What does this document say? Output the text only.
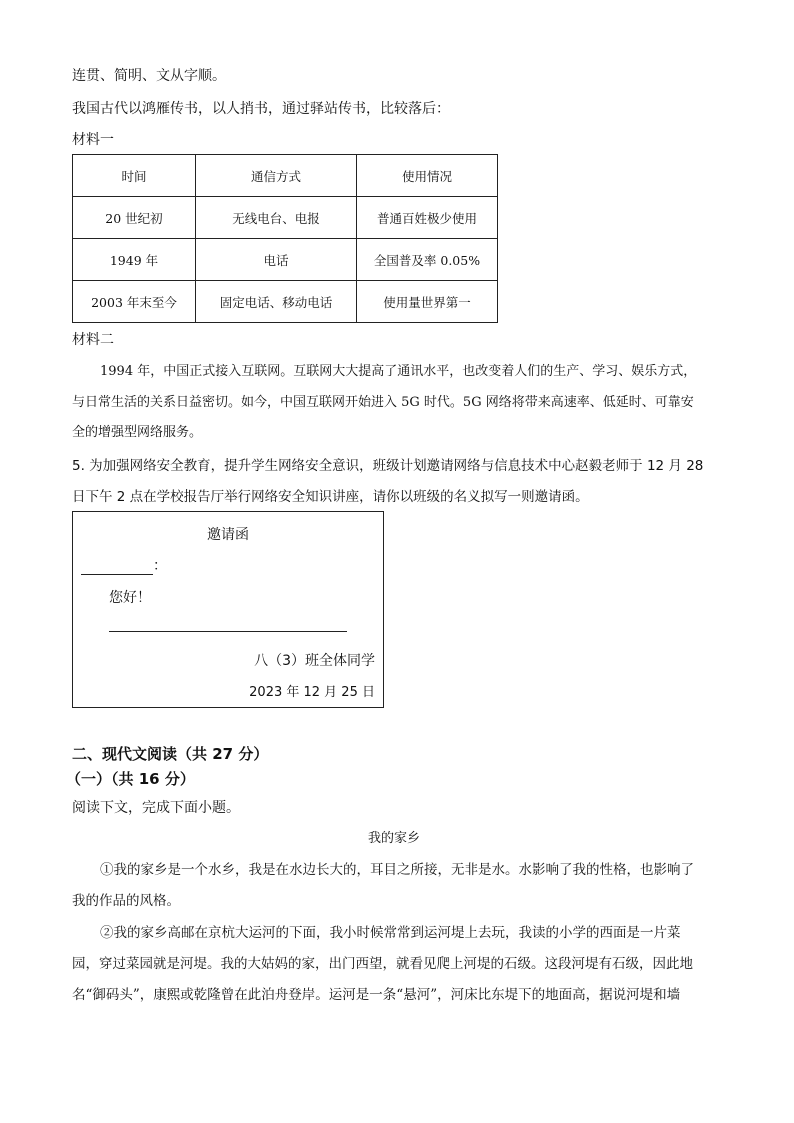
连贯、简明、文从字顺。
我国古代以鸿雁传书，以人捎书，通过驿站传书，比较落后：
材料一
时间	通信方式	使用情况
20 世纪初	无线电台、电报	普通百姓极少使用
1949 年	电话	全国普及率 0.05%
2003 年末至今	固定电话、移动电话	使用量世界第一
材料二
1994 年，中国正式接入互联网。互联网大大提高了通讯水平，也改变着人们的生产、学习、娱乐方式，
与日常生活的关系日益密切。如今，中国互联网开始进入 5G 时代。5G 网络将带来高速率、低延时、可靠安
全的增强型网络服务。
5. 为加强网络安全教育，提升学生网络安全意识，班级计划邀请网络与信息技术中心赵毅老师于 12 月 28
日下午 2 点在学校报告厅举行网络安全知识讲座，请你以班级的名义拟写一则邀请函。
邀请函
：
您好！
八（3）班全体同学
2023 年 12 月 25 日
二、现代文阅读（共 27 分）
（一）（共 16 分）
阅读下文，完成下面小题。
我的家乡
①我的家乡是一个水乡，我是在水边长大的，耳目之所接，无非是水。水影响了我的性格，也影响了
我的作品的风格。
②我的家乡高邮在京杭大运河的下面，我小时候常常到运河堤上去玩，我读的小学的西面是一片菜
园，穿过菜园就是河堤。我的大姑妈的家，出门西望，就看见爬上河堤的石级。这段河堤有石级，因此地
名“御码头”，康熙或乾隆曾在此泊舟登岸。运河是一条“悬河”，河床比东堤下的地面高，据说河堤和墙
